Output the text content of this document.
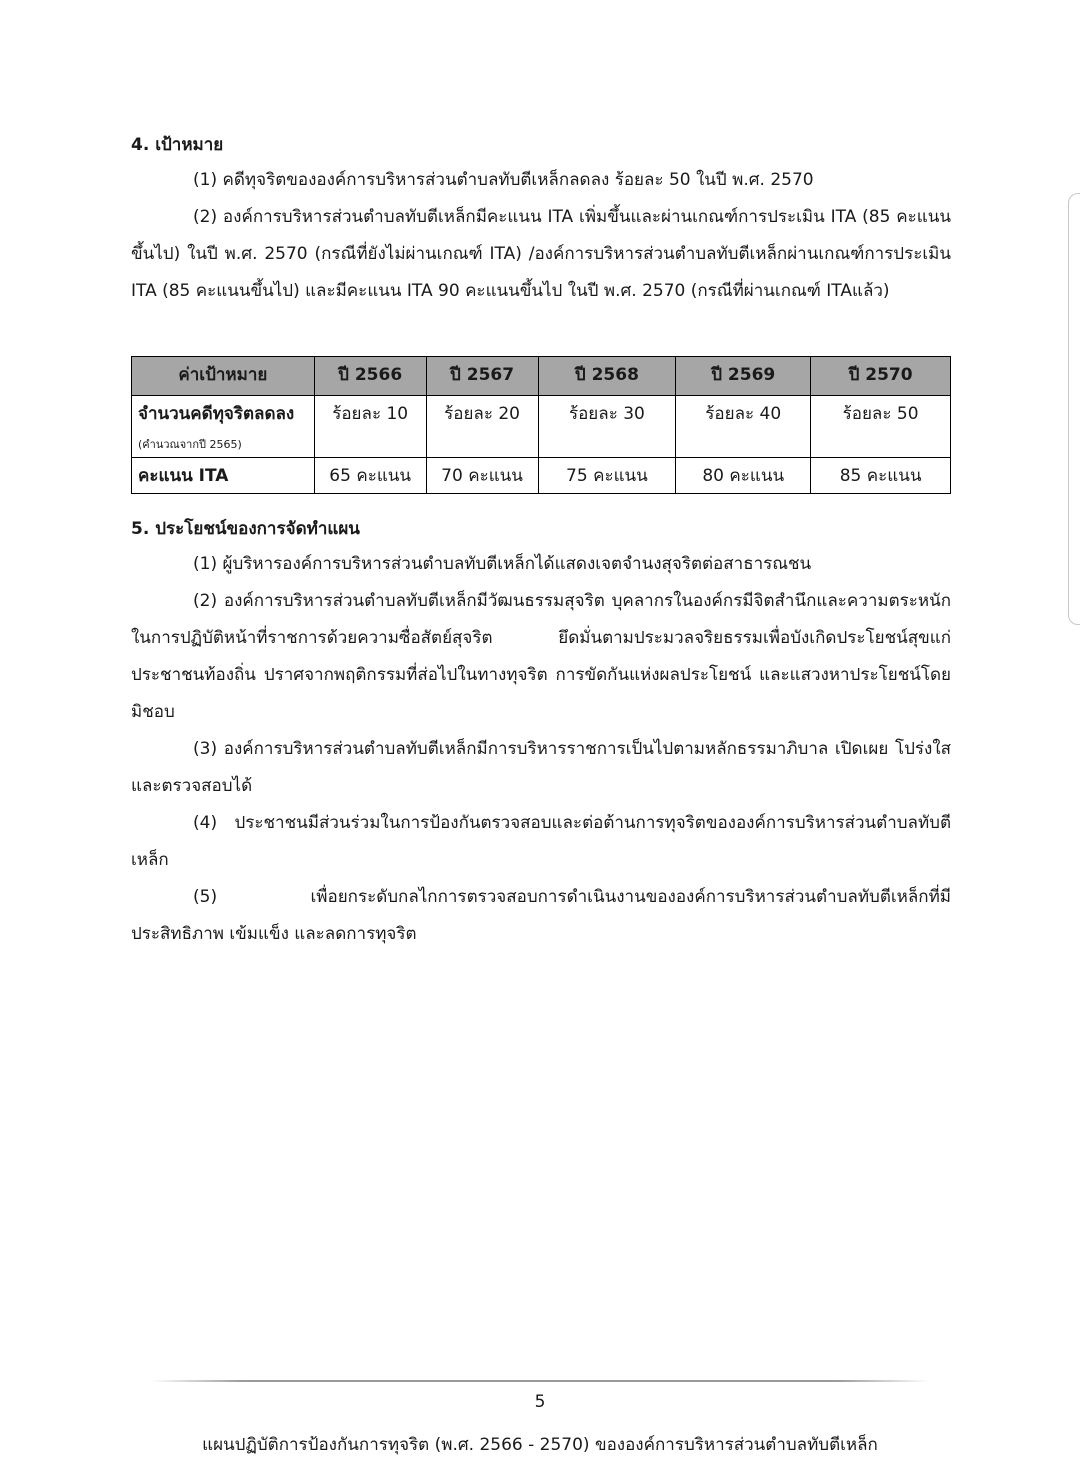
4. เป้าหมาย

(1) คดีทุจริตขององค์การบริหารส่วนตำบลทับตีเหล็กลดลง ร้อยละ 50 ในปี พ.ศ. 2570

(2) องค์การบริหารส่วนตำบลทับตีเหล็กมีคะแนน ITA เพิ่มขึ้นและผ่านเกณฑ์การประเมิน ITA (85 คะแนนขึ้นไป) ในปี พ.ศ. 2570 (กรณีที่ยังไม่ผ่านเกณฑ์ ITA) /องค์การบริหารส่วนตำบลทับตีเหล็กผ่านเกณฑ์การประเมิน ITA (85 คะแนนขึ้นไป) และมีคะแนน ITA 90 คะแนนขึ้นไป ในปี พ.ศ. 2570 (กรณีที่ผ่านเกณฑ์ ITAแล้ว)

ค่าเป้าหมาย	ปี 2566	ปี 2567	ปี 2568	ปี 2569	ปี 2570
จำนวนคดีทุจริตลดลง
(คำนวณจากปี 2565)	ร้อยละ 10	ร้อยละ 20	ร้อยละ 30	ร้อยละ 40	ร้อยละ 50
คะแนน ITA	65 คะแนน	70 คะแนน	75 คะแนน	80 คะแนน	85 คะแนน

5. ประโยชน์ของการจัดทำแผน

(1) ผู้บริหารองค์การบริหารส่วนตำบลทับตีเหล็กได้แสดงเจตจำนงสุจริตต่อสาธารณชน

(2) องค์การบริหารส่วนตำบลทับตีเหล็กมีวัฒนธรรมสุจริต บุคลากรในองค์กรมีจิตสำนึกและความตระหนักในการปฏิบัติหน้าที่ราชการด้วยความซื่อสัตย์สุจริต ยึดมั่นตามประมวลจริยธรรมเพื่อบังเกิดประโยชน์สุขแก่ประชาชนท้องถิ่น ปราศจากพฤติกรรมที่ส่อไปในทางทุจริต การขัดกันแห่งผลประโยชน์ และแสวงหาประโยชน์โดยมิชอบ

(3) องค์การบริหารส่วนตำบลทับตีเหล็กมีการบริหารราชการเป็นไปตามหลักธรรมาภิบาล เปิดเผย โปร่งใส และตรวจสอบได้

(4) ประชาชนมีส่วนร่วมในการป้องกันตรวจสอบและต่อต้านการทุจริตขององค์การบริหารส่วนตำบลทับตีเหล็ก

(5) เพื่อยกระดับกลไกการตรวจสอบการดำเนินงานขององค์การบริหารส่วนตำบลทับตีเหล็กที่มีประสิทธิภาพ เข้มแข็ง และลดการทุจริต

5
แผนปฏิบัติการป้องกันการทุจริต (พ.ศ. 2566 - 2570) ขององค์การบริหารส่วนตำบลทับตีเหล็ก
